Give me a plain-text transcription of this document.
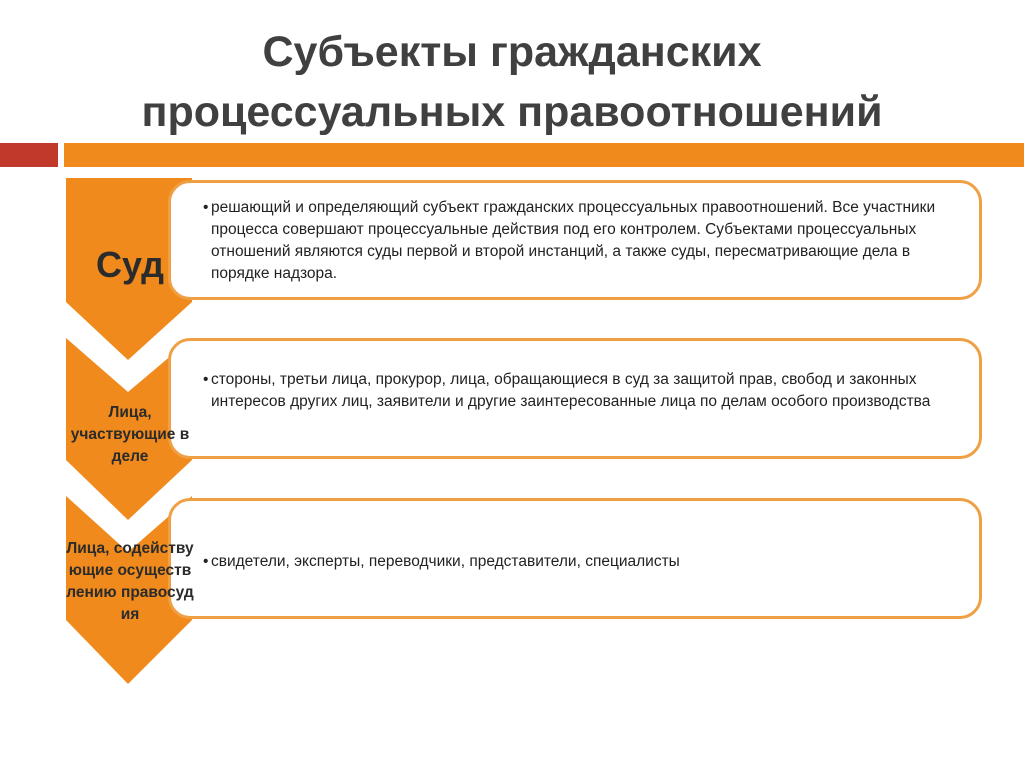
Субъекты гражданских
процессуальных правоотношений
• решающий и определяющий субъект гражданских процессуальных правоотношений. Все участники процесса совершают процессуальные действия под его контролем. Субъектами процессуальных отношений являются суды первой и второй инстанций, а также суды, пересматривающие дела в порядке надзора.
Суд
• стороны, третьи лица, прокурор, лица, обращающиеся в суд за защитой прав, свобод и законных интересов других лиц, заявители и другие заинтересованные лица по делам особого производства
Лица, участвующие в деле
• свидетели, эксперты, переводчики, представители, специалисты
Лица, содействующие осуществлению правосудия
